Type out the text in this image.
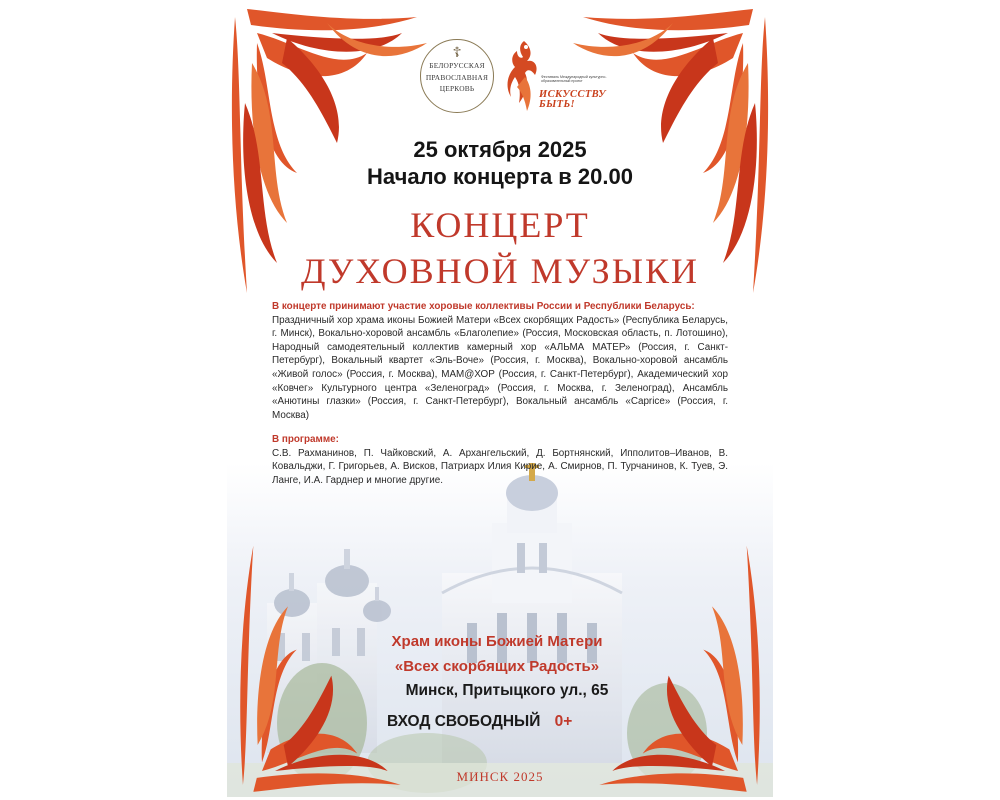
☦
БЕЛОРУССКАЯ
ПРАВОСЛАВНАЯ
ЦЕРКОВЬ
Фестиваль Международный культурно-образовательный проект
ИСКУССТВУ
БЫТЬ!
25 октября 2025
Начало концерта в 20.00
КОНЦЕРТ
ДУХОВНОЙ МУЗЫКИ
В концерте принимают участие хоровые коллективы России и Республики Беларусь:
Праздничный хор храма иконы Божией Матери «Всех скорбящих Радость» (Республика Беларусь, г. Минск), Вокально-хоровой ансамбль «Благолепие» (Россия, Московская область, п. Лотошино), Народный самодеятельный коллектив камерный хор «АЛЬМА МАТЕР» (Россия, г. Санкт-Петербург), Вокальный квартет «Эль-Воче» (Россия, г. Москва), Вокально-хоровой ансамбль «Живой голос» (Россия, г. Москва), МАМ@ХОР (Россия, г. Санкт-Петербург), Академический хор «Ковчег» Культурного центра «Зеленоград» (Россия, г. Москва, г. Зеленоград), Ансамбль «Анютины глазки» (Россия, г. Санкт-Петербург), Вокальный ансамбль «Caprice» (Россия, г. Москва)
В программе:
С.В. Рахманинов, П. Чайковский, А. Архангельский, Д. Бортнянский, Ипполитов–Иванов, В. Ковальджи, Г. Григорьев, А. Висков, Патриарх Илия Кирие, А. Смирнов, П. Турчанинов, К. Туев, Э. Ланге, И.А. Гарднер и многие другие.
Храм иконы Божией Матери
«Всех скорбящих Радость»
Минск, Притыцкого ул., 65
ВХОД СВОБОДНЫЙ 0+
МИНСК 2025
